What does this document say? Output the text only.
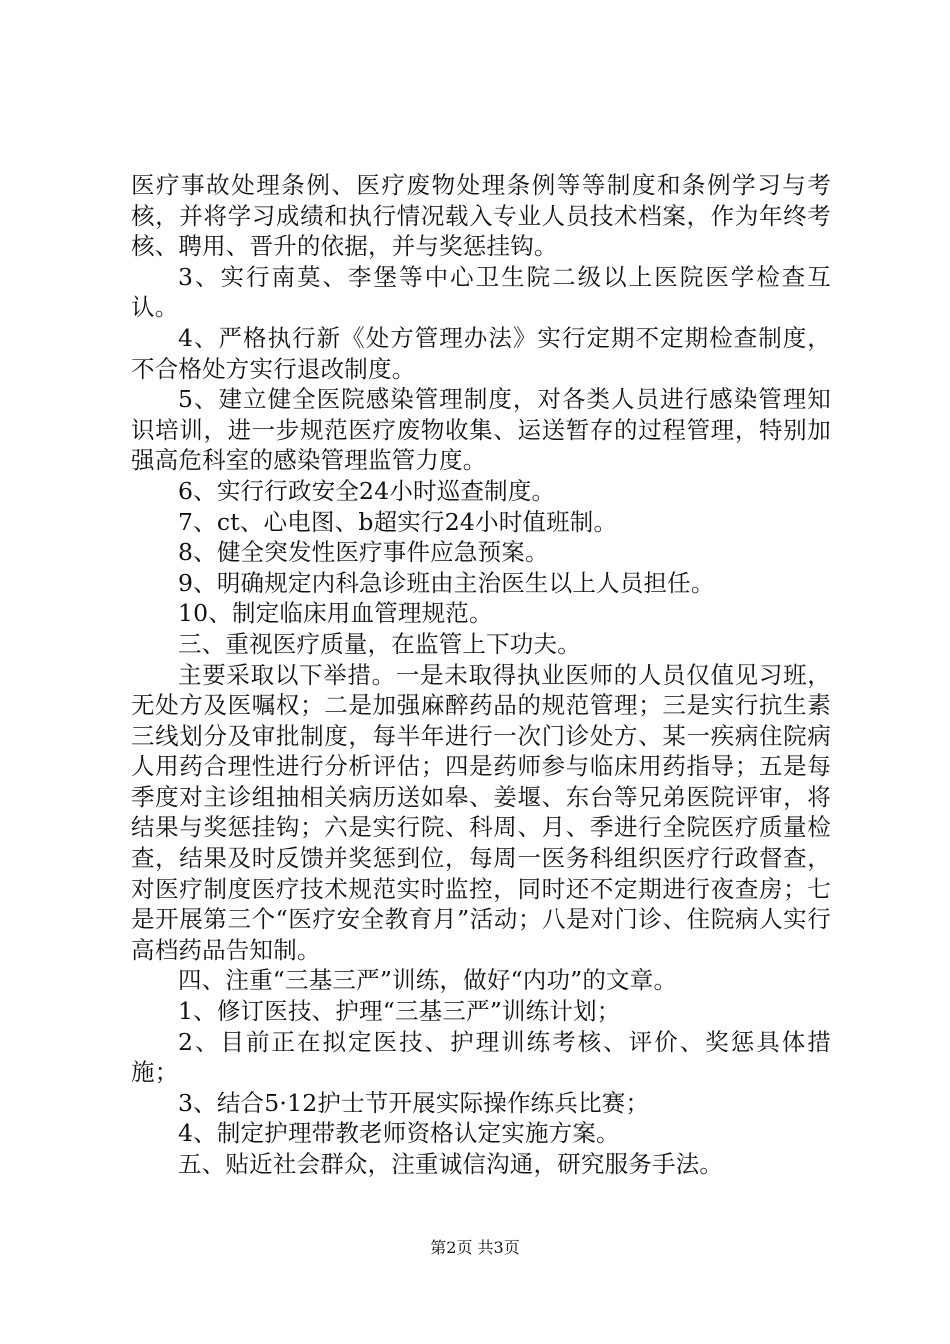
医疗事故处理条例、医疗废物处理条例等等制度和条例学习与考核，并将学习成绩和执行情况载入专业人员技术档案，作为年终考核、聘用、晋升的依据，并与奖惩挂钩。

3、实行南莫、李堡等中心卫生院二级以上医院医学检查互认。

4、严格执行新《处方管理办法》实行定期不定期检查制度，不合格处方实行退改制度。

5、建立健全医院感染管理制度，对各类人员进行感染管理知识培训，进一步规范医疗废物收集、运送暂存的过程管理，特别加强高危科室的感染管理监管力度。

6、实行行政安全24小时巡查制度。

7、ct、心电图、b超实行24小时值班制。

8、健全突发性医疗事件应急预案。

9、明确规定内科急诊班由主治医生以上人员担任。

10、制定临床用血管理规范。

三、重视医疗质量，在监管上下功夫。

主要采取以下举措。一是未取得执业医师的人员仅值见习班，无处方及医嘱权；二是加强麻醉药品的规范管理；三是实行抗生素三线划分及审批制度，每半年进行一次门诊处方、某一疾病住院病人用药合理性进行分析评估；四是药师参与临床用药指导；五是每季度对主诊组抽相关病历送如皋、姜堰、东台等兄弟医院评审，将结果与奖惩挂钩；六是实行院、科周、月、季进行全院医疗质量检查，结果及时反馈并奖惩到位，每周一医务科组织医疗行政督查，对医疗制度医疗技术规范实时监控，同时还不定期进行夜查房；七是开展第三个“医疗安全教育月”活动；八是对门诊、住院病人实行高档药品告知制。

四、注重“三基三严”训练，做好“内功”的文章。

1、修订医技、护理“三基三严”训练计划；

2、目前正在拟定医技、护理训练考核、评价、奖惩具体措施；

3、结合5·12护士节开展实际操作练兵比赛；

4、制定护理带教老师资格认定实施方案。

五、贴近社会群众，注重诚信沟通，研究服务手法。

第2页 共3页
